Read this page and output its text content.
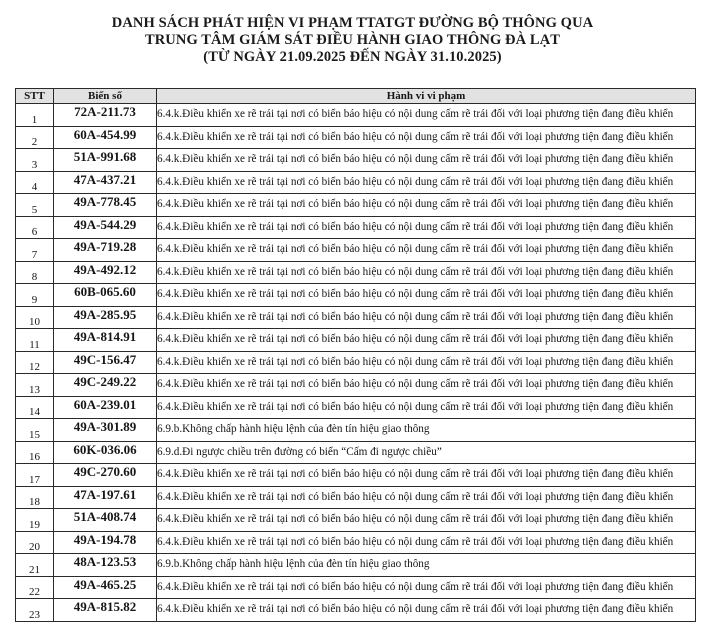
DANH SÁCH PHÁT HIỆN VI PHẠM TTATGT ĐƯỜNG BỘ THÔNG QUA
TRUNG TÂM GIÁM SÁT ĐIỀU HÀNH GIAO THÔNG ĐÀ LẠT
(TỪ NGÀY 21.09.2025 ĐẾN NGÀY 31.10.2025)
STT	Biển số	Hành vi vi phạm
1	72A-211.73	6.4.k.Điều khiển xe rẽ trái tại nơi có biển báo hiệu có nội dung cấm rẽ trái đối với loại phương tiện đang điều khiển
2	60A-454.99	6.4.k.Điều khiển xe rẽ trái tại nơi có biển báo hiệu có nội dung cấm rẽ trái đối với loại phương tiện đang điều khiển
3	51A-991.68	6.4.k.Điều khiển xe rẽ trái tại nơi có biển báo hiệu có nội dung cấm rẽ trái đối với loại phương tiện đang điều khiển
4	47A-437.21	6.4.k.Điều khiển xe rẽ trái tại nơi có biển báo hiệu có nội dung cấm rẽ trái đối với loại phương tiện đang điều khiển
5	49A-778.45	6.4.k.Điều khiển xe rẽ trái tại nơi có biển báo hiệu có nội dung cấm rẽ trái đối với loại phương tiện đang điều khiển
6	49A-544.29	6.4.k.Điều khiển xe rẽ trái tại nơi có biển báo hiệu có nội dung cấm rẽ trái đối với loại phương tiện đang điều khiển
7	49A-719.28	6.4.k.Điều khiển xe rẽ trái tại nơi có biển báo hiệu có nội dung cấm rẽ trái đối với loại phương tiện đang điều khiển
8	49A-492.12	6.4.k.Điều khiển xe rẽ trái tại nơi có biển báo hiệu có nội dung cấm rẽ trái đối với loại phương tiện đang điều khiển
9	60B-065.60	6.4.k.Điều khiển xe rẽ trái tại nơi có biển báo hiệu có nội dung cấm rẽ trái đối với loại phương tiện đang điều khiển
10	49A-285.95	6.4.k.Điều khiển xe rẽ trái tại nơi có biển báo hiệu có nội dung cấm rẽ trái đối với loại phương tiện đang điều khiển
11	49A-814.91	6.4.k.Điều khiển xe rẽ trái tại nơi có biển báo hiệu có nội dung cấm rẽ trái đối với loại phương tiện đang điều khiển
12	49C-156.47	6.4.k.Điều khiển xe rẽ trái tại nơi có biển báo hiệu có nội dung cấm rẽ trái đối với loại phương tiện đang điều khiển
13	49C-249.22	6.4.k.Điều khiển xe rẽ trái tại nơi có biển báo hiệu có nội dung cấm rẽ trái đối với loại phương tiện đang điều khiển
14	60A-239.01	6.4.k.Điều khiển xe rẽ trái tại nơi có biển báo hiệu có nội dung cấm rẽ trái đối với loại phương tiện đang điều khiển
15	49A-301.89	6.9.b.Không chấp hành hiệu lệnh của đèn tín hiệu giao thông
16	60K-036.06	6.9.d.Đi ngược chiều trên đường có biển “Cấm đi ngược chiều”
17	49C-270.60	6.4.k.Điều khiển xe rẽ trái tại nơi có biển báo hiệu có nội dung cấm rẽ trái đối với loại phương tiện đang điều khiển
18	47A-197.61	6.4.k.Điều khiển xe rẽ trái tại nơi có biển báo hiệu có nội dung cấm rẽ trái đối với loại phương tiện đang điều khiển
19	51A-408.74	6.4.k.Điều khiển xe rẽ trái tại nơi có biển báo hiệu có nội dung cấm rẽ trái đối với loại phương tiện đang điều khiển
20	49A-194.78	6.4.k.Điều khiển xe rẽ trái tại nơi có biển báo hiệu có nội dung cấm rẽ trái đối với loại phương tiện đang điều khiển
21	48A-123.53	6.9.b.Không chấp hành hiệu lệnh của đèn tín hiệu giao thông
22	49A-465.25	6.4.k.Điều khiển xe rẽ trái tại nơi có biển báo hiệu có nội dung cấm rẽ trái đối với loại phương tiện đang điều khiển
23	49A-815.82	6.4.k.Điều khiển xe rẽ trái tại nơi có biển báo hiệu có nội dung cấm rẽ trái đối với loại phương tiện đang điều khiển
